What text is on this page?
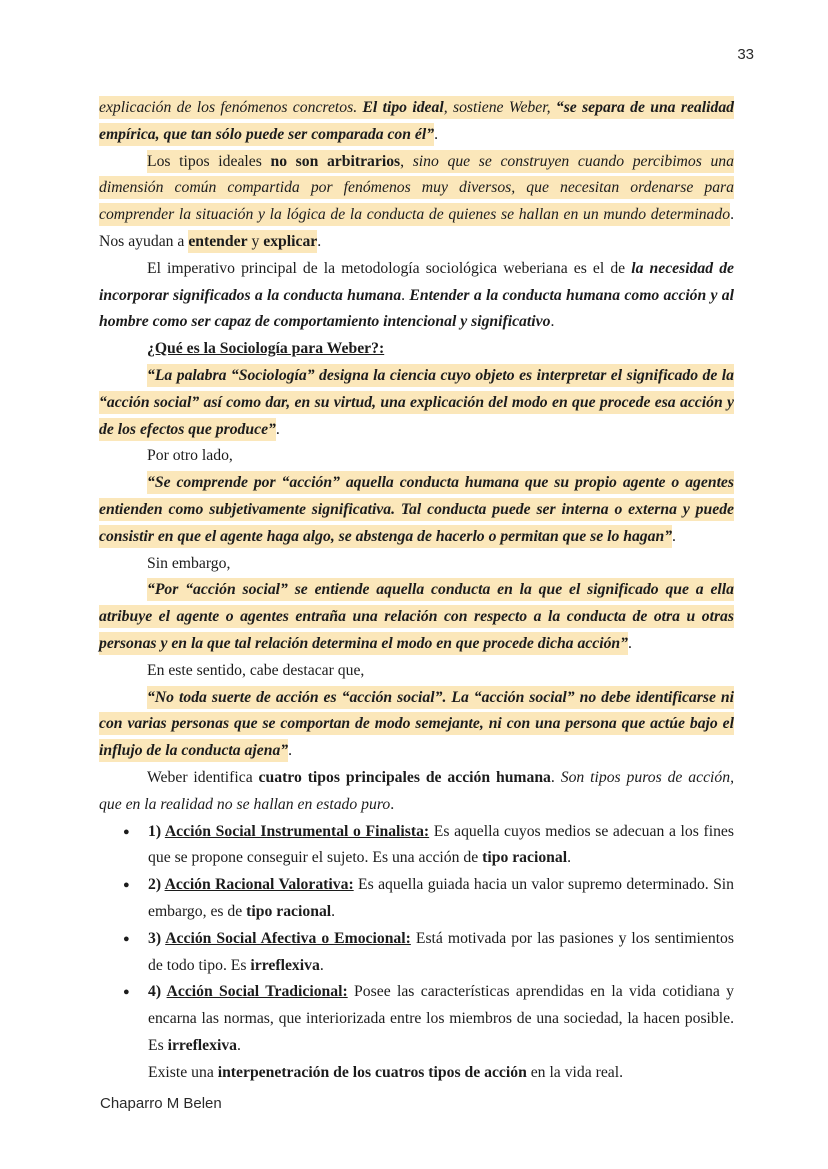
33
explicación de los fenómenos concretos. El tipo ideal, sostiene Weber, “se separa de una realidad empírica, que tan sólo puede ser comparada con él”.
Los tipos ideales no son arbitrarios, sino que se construyen cuando percibimos una dimensión común compartida por fenómenos muy diversos, que necesitan ordenarse para comprender la situación y la lógica de la conducta de quienes se hallan en un mundo determinado. Nos ayudan a entender y explicar.
El imperativo principal de la metodología sociológica weberiana es el de la necesidad de incorporar significados a la conducta humana. Entender a la conducta humana como acción y al hombre como ser capaz de comportamiento intencional y significativo.
¿Qué es la Sociología para Weber?:
“La palabra “Sociología” designa la ciencia cuyo objeto es interpretar el significado de la “acción social” así como dar, en su virtud, una explicación del modo en que procede esa acción y de los efectos que produce”.
Por otro lado,
“Se comprende por “acción” aquella conducta humana que su propio agente o agentes entienden como subjetivamente significativa. Tal conducta puede ser interna o externa y puede consistir en que el agente haga algo, se abstenga de hacerlo o permitan que se lo hagan”.
Sin embargo,
“Por “acción social” se entiende aquella conducta en la que el significado que a ella atribuye el agente o agentes entraña una relación con respecto a la conducta de otra u otras personas y en la que tal relación determina el modo en que procede dicha acción”.
En este sentido, cabe destacar que,
“No toda suerte de acción es “acción social”. La “acción social” no debe identificarse ni con varias personas que se comportan de modo semejante, ni con una persona que actúe bajo el influjo de la conducta ajena”.
Weber identifica cuatro tipos principales de acción humana. Son tipos puros de acción, que en la realidad no se hallan en estado puro.
● 1) Acción Social Instrumental o Finalista: Es aquella cuyos medios se adecuan a los fines que se propone conseguir el sujeto. Es una acción de tipo racional.
● 2) Acción Racional Valorativa: Es aquella guiada hacia un valor supremo determinado. Sin embargo, es de tipo racional.
● 3) Acción Social Afectiva o Emocional: Está motivada por las pasiones y los sentimientos de todo tipo. Es irreflexiva.
● 4) Acción Social Tradicional: Posee las características aprendidas en la vida cotidiana y encarna las normas, que interiorizada entre los miembros de una sociedad, la hacen posible. Es irreflexiva.
Existe una interpenetración de los cuatros tipos de acción en la vida real.
Chaparro M Belen
